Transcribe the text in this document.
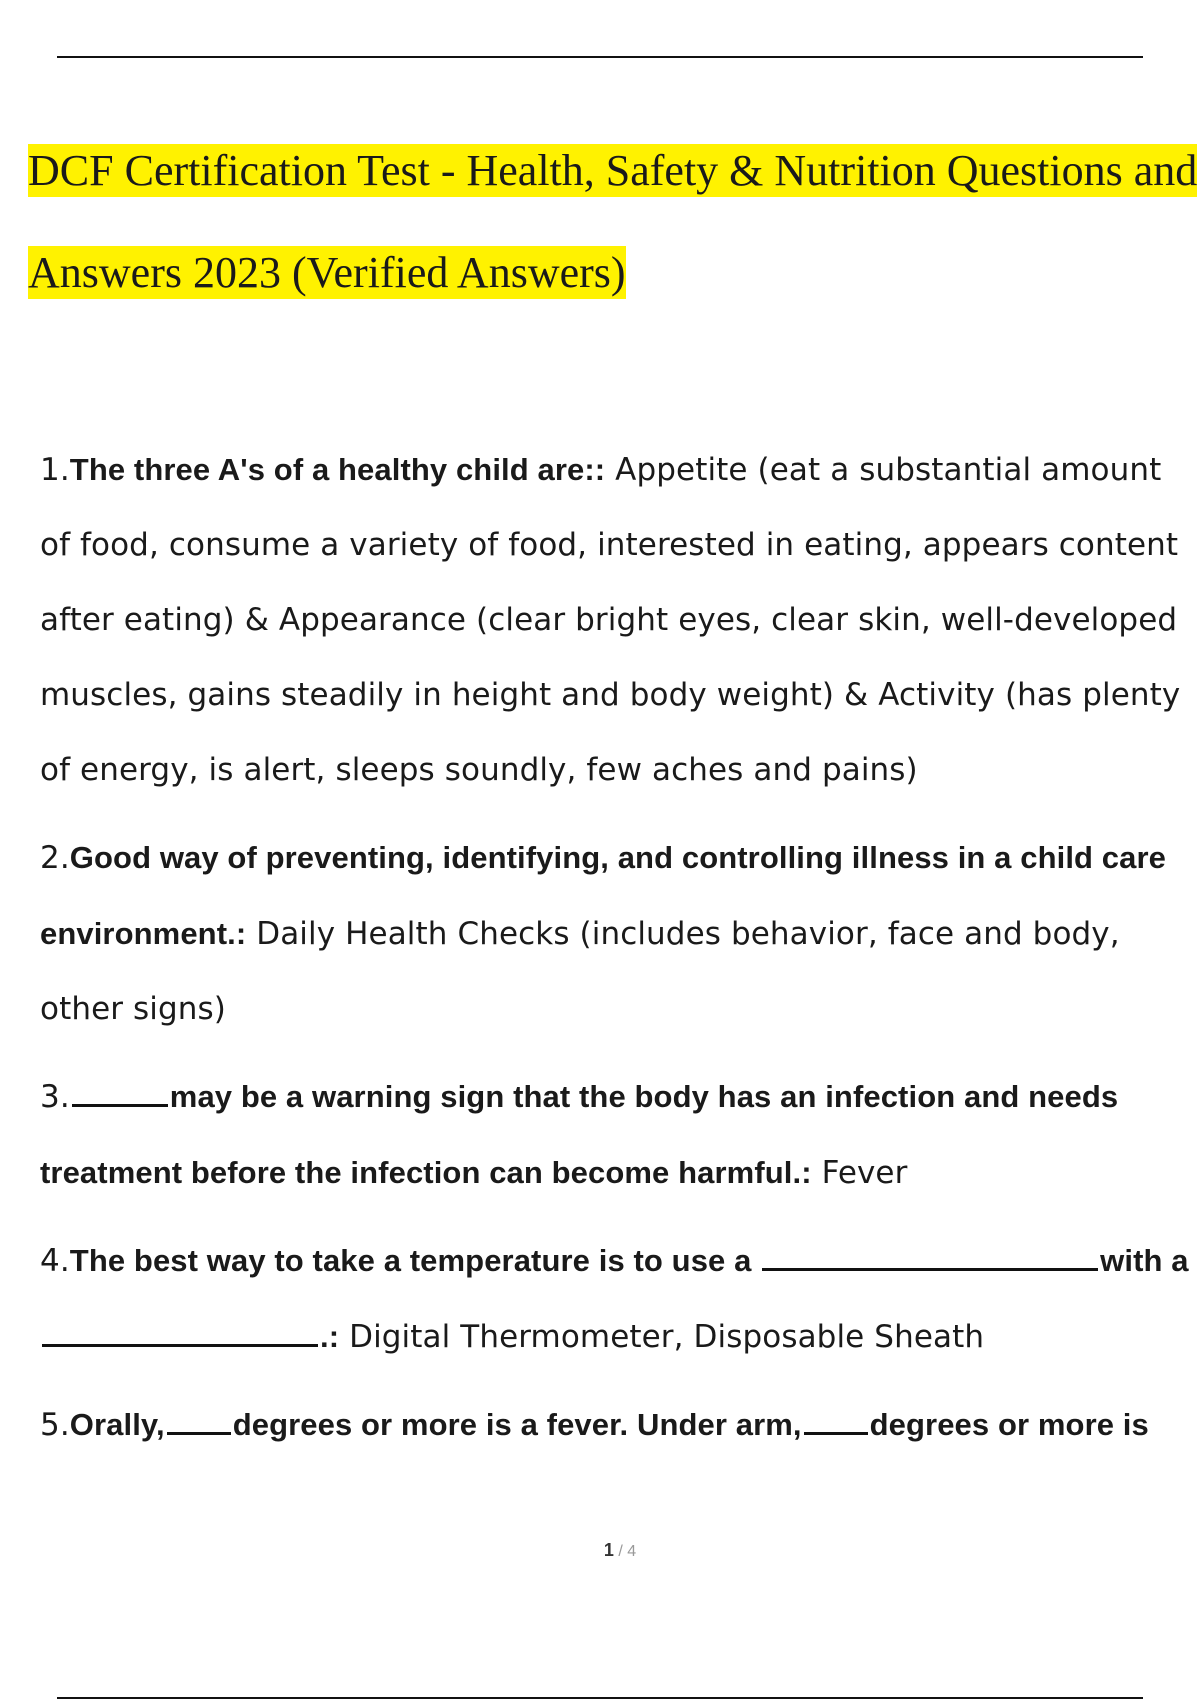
DCF Certification Test - Health, Safety & Nutrition Questions and
Answers 2023 (Verified Answers)
1.The three A's of a healthy child are:: Appetite (eat a substantial amount of food, consume a variety of food, interested in eating, appears content after eating) & Appearance (clear bright eyes, clear skin, well-developed muscles, gains steadily in height and body weight) & Activity (has plenty of energy, is alert, sleeps soundly, few aches and pains)
2.Good way of preventing, identifying, and controlling illness in a child care environment.: Daily Health Checks (includes behavior, face and body, other signs)
3.	may be a warning sign that the body has an infection and needs treatment before the infection can become harmful.: Fever
4.The best way to take a temperature is to use a	with a .: Digital Thermometer, Disposable Sheath
5.Orally, degrees or more is a fever. Under arm, degrees or more is
1 / 4
